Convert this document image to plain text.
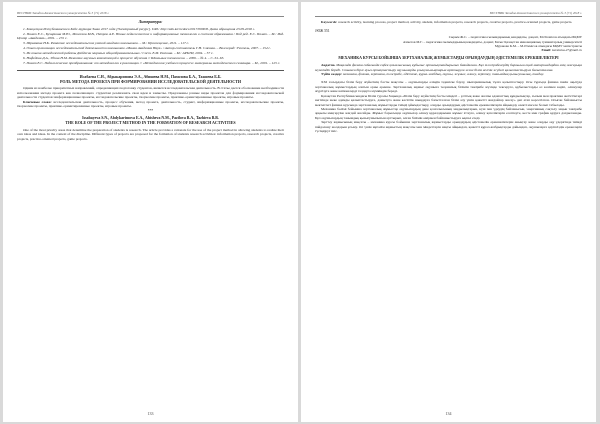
ВЕСТНИК Западно-Казахстанского университета № 3 (71) 2018 г.
Литература:
1. Концепция Республиканского Кейс-турнира Знаю 2017 года [Электронный ресурс]. URL: http://edu.kz/ru/docs/2017/0000/8. Дата обращения 23.09.2018 г.
2. Полат Е.С., Бухаркина М.Ю., Моисеева М.В., Петров А.Е. Новые педагогические и информационные технологии в системе образования / Под ред. Е.С. Полат. – М.: Изд. Центр «Академия», 2001. – 272 с.
3. Шрамкова Н.К. Развитие исследовательских умений младших школьников. – М.: Просвещение, 2011. – 117 с.
4. Опыт организации исследовательской деятельности школьников «Малая Академия Наук» / Автор-составитель Г.Н. Сляхова. – Волгоград: Учитель, 2007. – 154 с.
5. Из опыта методической работы Дайдесин мировых общеобразовательных / Сост. Е.М. Раскина. – М.: АРКТИ, 2004. – 57 с.
6. Нифедова Д.А., Удина Н.М. Развитие научных компетенций в процессе обучения // Школьные технологии. – 2006. – № 4. – С. 61–65.
7. Полат Е.С. Педагогические преобразования: от методологии к реализации // «Методология учебного процесса: материалы методического семинара. – М., 2001. – 125 с.
Исабаева С.Н., Абдыкаримова Э.А., Абишева Н.М., Пазилова Б.А., Тажиева Б.Б.
РОЛЬ МЕТОДА ПРОЕКТА ПРИ ФОРМИРОВАНИИ ИССЛЕДОВАТЕЛЬСКОЙ ДЕЯТЕЛЬНОСТИ

Одним из наиболее приоритетных направлений, определяющих подготовку студентов, является исследовательская деятельность. В статье дается обоснование необходимости использования метода проекта как позволяющего студентам реализовать свои идеи и замыслы. Предложены разные виды проектов для формирования исследовательской деятельности студентов: информационные проекты, исследовательские проекты, творческие проекты, практико-ориентированные проекты, игровые проекты.

Ключевые слова: исследовательская деятельность, процесс обучения, метод проекта, деятельность, студент, информационные проекты, исследовательские проекты, творческие проекты, практико-ориентированные проекты, игровые проекты.
***
Issabayeva S.N., Abdykarimova E.A., Abisheva N.M., Pazilova B.A., Tazhieva B.B.
THE ROLE OF THE PROJECT METHOD IN THE FORMATION OF RESEARCH ACTIVITIES

One of the most priority areas that determine the preparation of students is research. The article provides a rationale for the use of the project method in allowing students to realize their own ideas and ideas. In the context of the discipline. Different types of projects are proposed for the formation of students research activities: information projects, research projects, creative projects, practice-oriented projects, game projects.

133
ВЕСТНИК Западно-Казахстанского университета № 3 (71) 2018 г.
Keywords: research activity, learning process, project method, activity, student, information projects, research projects, creative projects, practice-oriented projects, game projects.
ӘОЖ 551
Сырым Ж.С. – педагогика ғылымдарының кандидаты, доцент, М.Өтемісов атындағы БҚМУ
Ахметов М.Г. – педагогика ғылымдарының кандидаты, доцент, Батыс Қазақстан инновациялық гуманитарлық университеті
Муракова К.М. – М.Өтемісов атындағы БҚМУ магистранты
Email: kurakova.27@mail.ru
МЕХАНИКА КУРСЫ БОЙЫНША ЗЕРТХАНАЛЫҚ ЖҰМЫСТАРДЫ ОРЫНДАУДЫҢ ӘДІСТЕМЕЛІК ЕРЕКШЕЛІКТЕРІ
Аңдатпа. Мақалада физика сабағында еңбек қозғалысының құбылыс орталықтандырылып баяндалған. Бұл тәжірибелердің барлығын оңай материалдардан өзің жасауыңа мүмкіндік береді. Сонымен бірге ауыз ортақтастыру оқушыларды ұғынушылықтарын арттыруға және білім негізін жүйелі қалыптастыруға бағытталған.
Түйін сөздер: механика, физика, зертхана, тәжірибе, әдістеме, құрал-жабдық, оқушы, жұмыс, өлшеу, зерттеу, танымдық қызығушылық, талдау.

XXI ғасырдағы білім беру жүйесінің басты мақсаты – оқушыларды өзіндік ізденіске баулу, шығармашылық тұлға қалыптастыру. Осы тұрғыда физика пәнін оқытуда зертханалық жұмыстардың алатын орны ерекше. Зертханалық жұмыс оқушыға теориялық білімін тәжірибе жүзінде тексеруге, құбылыстарды өз көзімен көріп, өлшеулер жүргізуге және нәтижелерді талдауға мүмкіндік береді.

Қазақстан Республикасындағы Білім туралы Заңында «Білім беру жүйесінің басты міндеті – ұлттық және жалпы адамзаттық құндылықтар, ғылым мен практика жетістіктері негізінде жеке адамды қалыптастыруға, дамытуға және кәсіптік шыңдауға бағытталған білім алу үшін қажетті жағдайлар жасау» деп атап көрсетілген. Осыған байланысты мектептегі физика курсында зертханалық жұмыстарды тиімді ұйымдастыру, оларды орындаудың әдістемелік ерекшеліктерін айқындау өзекті мәселе болып табылады.

Механика бөлімі бойынша зертханалық жұмыстар оқушылардың дене қозғалысының заңдылықтарын, күш пен үдеудің байланысын, энергияның сақталу заңын тәжірибе арқылы меңгеруіне жағдай жасайды. Жұмыс барысында оқушылар өлшеу құралдарымен жұмыс істеуге, өлшеу қателіктерін есептеуге, кесте мен график құруға дағдыланады. Бұл оқушылардың танымдық қызығушылығын арттырып, алған білімін өмірмен байланыстыруға ықпал етеді.

Зерттеу жұмысының мақсаты – механика курсы бойынша зертханалық жұмыстарды орындаудың әдістемелік ерекшеліктерін анықтау және оларды оқу үдерісінде тиімді пайдалану жолдарын ұсыну. Ол үшін мұғалім жұмыстың мақсаты мен міндеттерін нақты айқындап, қажетті құрал-жабдықтарды дайындап, оқушыларға қауіпсіздік ережелерін түсіндіруі тиіс.

134
